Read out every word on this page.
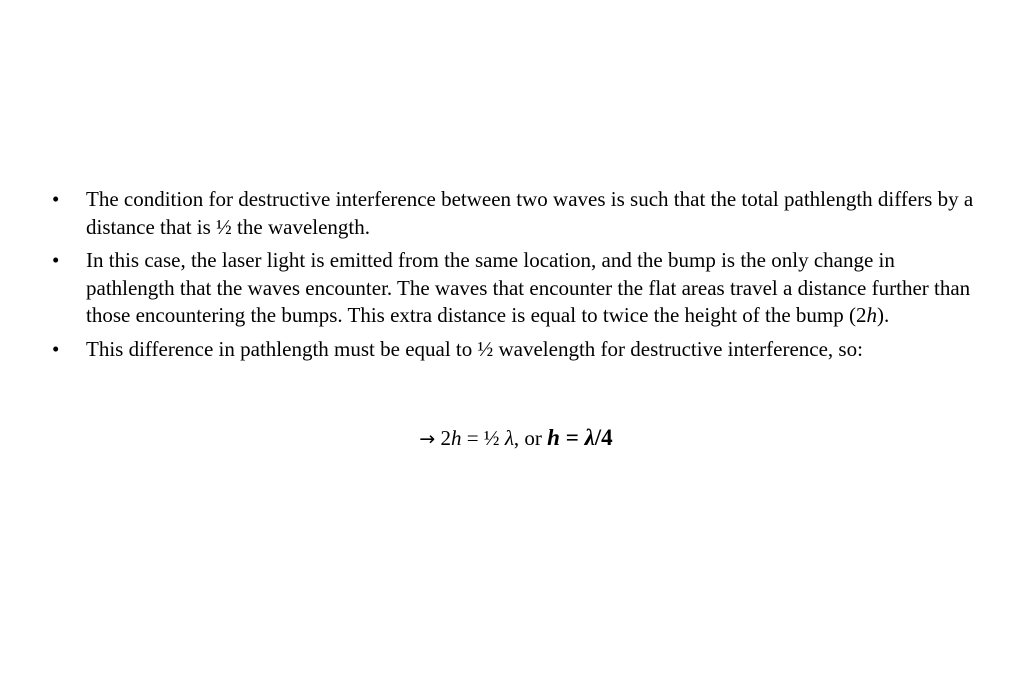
• The condition for destructive interference between two waves is such that the total pathlength differs by a distance that is ½ the wavelength.
• In this case, the laser light is emitted from the same location, and the bump is the only change in pathlength that the waves encounter. The waves that encounter the flat areas travel a distance further than those encountering the bumps. This extra distance is equal to twice the height of the bump (2h).
• This difference in pathlength must be equal to ½ wavelength for destructive interference, so:
→ 2h = ½ λ, or h = λ/4
